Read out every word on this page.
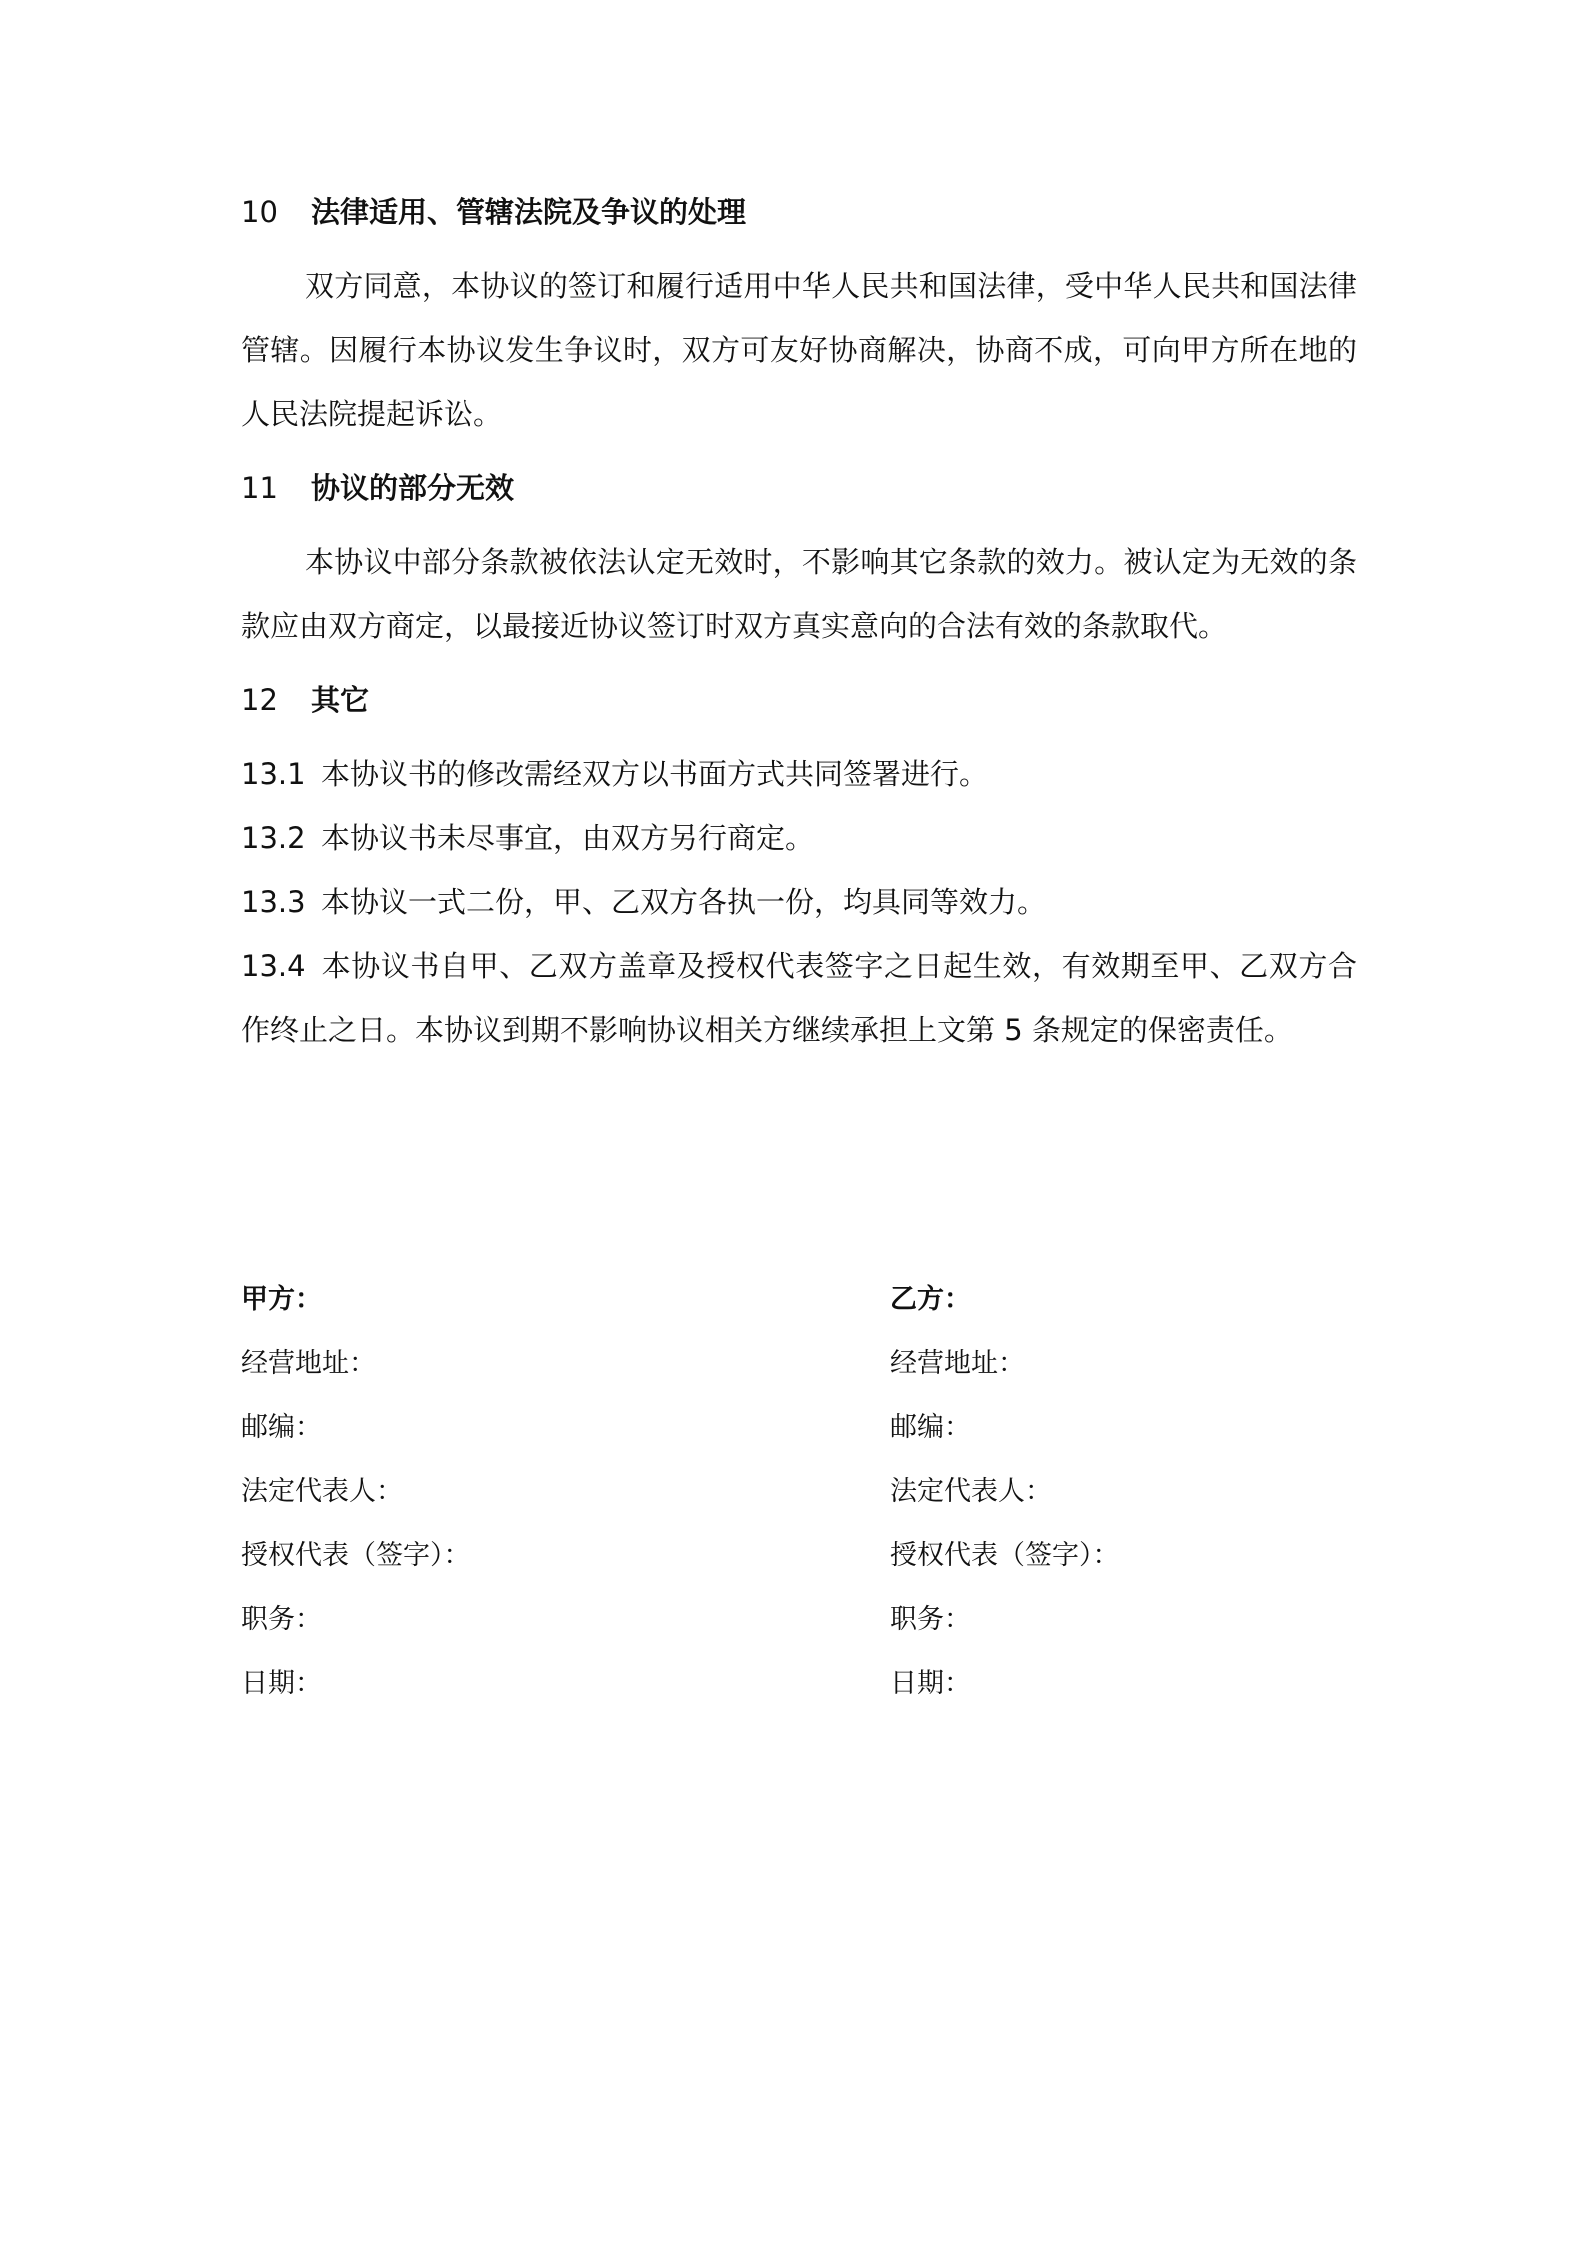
10 法律适用、管辖法院及争议的处理
双方同意，本协议的签订和履行适用中华人民共和国法律，受中华人民共和国法律管辖。因履行本协议发生争议时，双方可友好协商解决，协商不成，可向甲方所在地的人民法院提起诉讼。
11 协议的部分无效
本协议中部分条款被依法认定无效时，不影响其它条款的效力。被认定为无效的条款应由双方商定，以最接近协议签订时双方真实意向的合法有效的条款取代。
12 其它
13.1 本协议书的修改需经双方以书面方式共同签署进行。
13.2 本协议书未尽事宜，由双方另行商定。
13.3 本协议一式二份，甲、乙双方各执一份，均具同等效力。
13.4 本协议书自甲、乙双方盖章及授权代表签字之日起生效，有效期至甲、乙双方合作终止之日。本协议到期不影响协议相关方继续承担上文第 5 条规定的保密责任。
甲方：
经营地址：
邮编：
法定代表人：
授权代表（签字）：
职务：
日期：
乙方：
经营地址：
邮编：
法定代表人：
授权代表（签字）：
职务：
日期：
